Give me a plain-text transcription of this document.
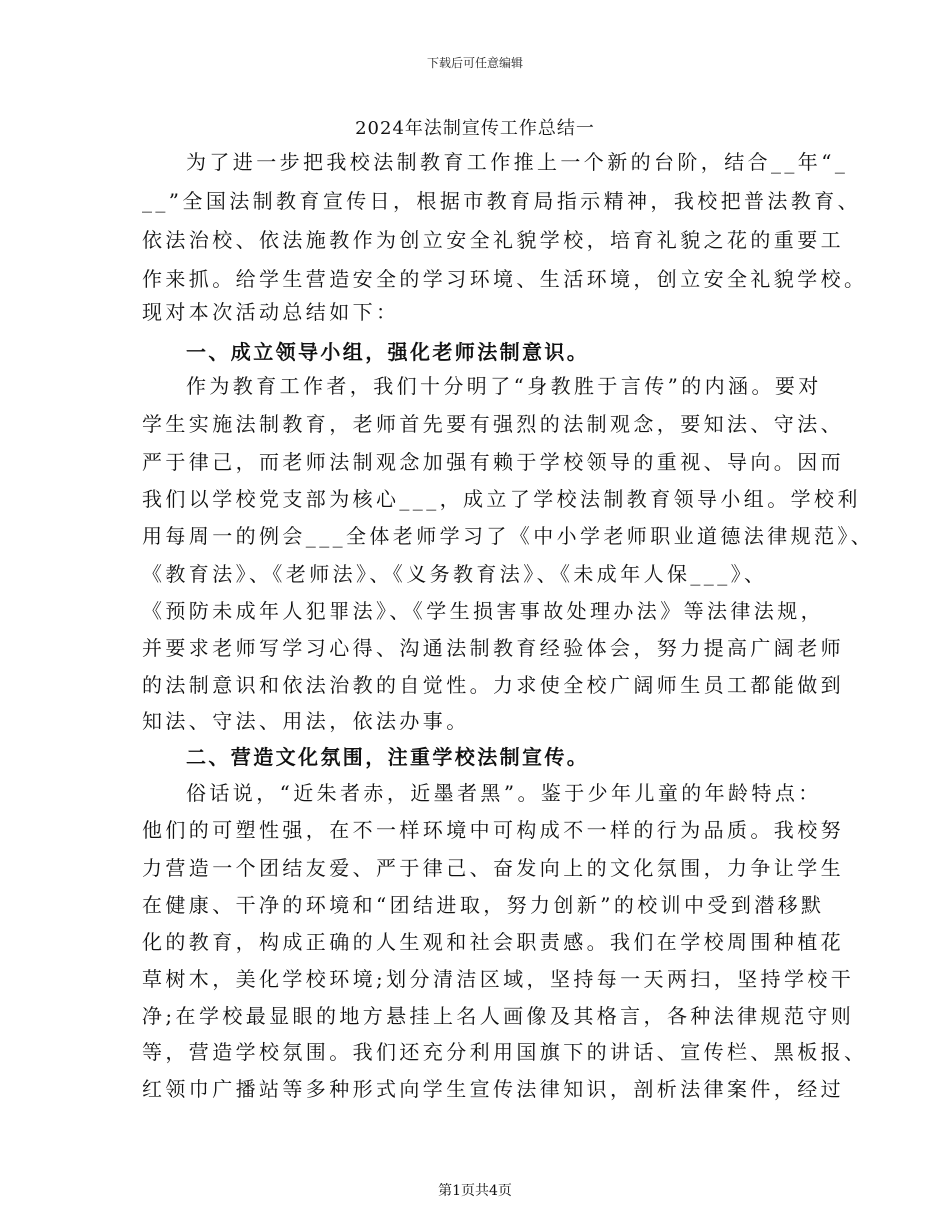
下载后可任意编辑
2024年法制宣传工作总结一
为了进一步把我校法制教育工作推上一个新的台阶，结合__年“_
__”全国法制教育宣传日，根据市教育局指示精神，我校把普法教育、
依法治校、依法施教作为创立安全礼貌学校，培育礼貌之花的重要工
作来抓。给学生营造安全的学习环境、生活环境，创立安全礼貌学校。
现对本次活动总结如下：
一、成立领导小组，强化老师法制意识。
作为教育工作者，我们十分明了“身教胜于言传”的内涵。要对
学生实施法制教育，老师首先要有强烈的法制观念，要知法、守法、
严于律己，而老师法制观念加强有赖于学校领导的重视、导向。因而
我们以学校党支部为核心___，成立了学校法制教育领导小组。学校利
用每周一的例会___全体老师学习了《中小学老师职业道德法律规范》、
《教育法》、《老师法》、《义务教育法》、《未成年人保___》、
《预防未成年人犯罪法》、《学生损害事故处理办法》等法律法规，
并要求老师写学习心得、沟通法制教育经验体会，努力提高广阔老师
的法制意识和依法治教的自觉性。力求使全校广阔师生员工都能做到
知法、守法、用法，依法办事。
二、营造文化氛围，注重学校法制宣传。
俗话说，“近朱者赤，近墨者黑”。鉴于少年儿童的年龄特点：
他们的可塑性强，在不一样环境中可构成不一样的行为品质。我校努
力营造一个团结友爱、严于律己、奋发向上的文化氛围，力争让学生
在健康、干净的环境和“团结进取，努力创新”的校训中受到潜移默
化的教育，构成正确的人生观和社会职责感。我们在学校周围种植花
草树木，美化学校环境;划分清洁区域，坚持每一天两扫，坚持学校干
净;在学校最显眼的地方悬挂上名人画像及其格言，各种法律规范守则
等，营造学校氛围。我们还充分利用国旗下的讲话、宣传栏、黑板报、
红领巾广播站等多种形式向学生宣传法律知识，剖析法律案件，经过
第1页共4页
